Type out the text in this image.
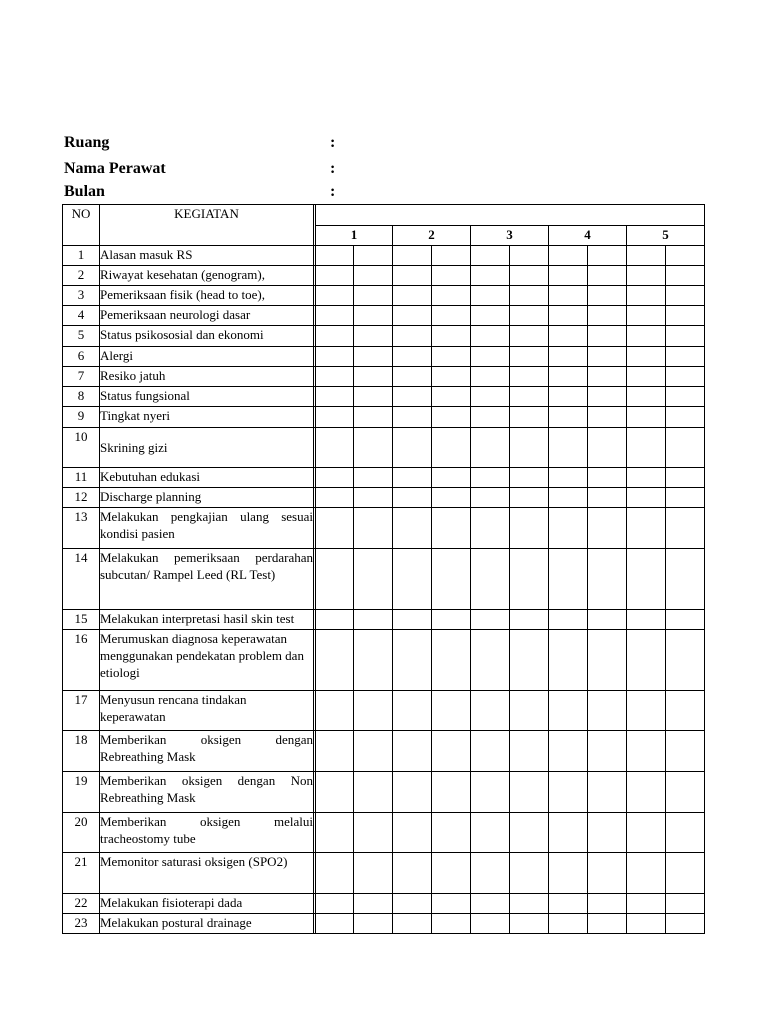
Ruang	:
Nama Perawat	:
Bulan	:
NO	KEGIATAN											
			1		2		3		4		5	
1	Alasan masuk RS											
2	Riwayat kesehatan (genogram),											
3	Pemeriksaan fisik (head to toe),											
4	Pemeriksaan neurologi dasar											
5	Status psikososial dan ekonomi											
6	Alergi											
7	Resiko jatuh											
8	Status fungsional											
9	Tingkat nyeri											
10	Skrining gizi											
11	Kebutuhan edukasi											
12	Discharge planning											
13	Melakukan pengkajian ulang sesuai kondisi pasien											
14	Melakukan pemeriksaan perdarahan subcutan/ Rampel Leed (RL Test)											
15	Melakukan interpretasi hasil skin test											
16	Merumuskan diagnosa keperawatan menggunakan pendekatan problem dan etiologi											
17	Menyusun rencana tindakan keperawatan											
18	Memberikan oksigen dengan Rebreathing Mask											
19	Memberikan oksigen dengan Non Rebreathing Mask											
20	Memberikan oksigen melalui tracheostomy tube											
21	Memonitor saturasi oksigen (SPO2)											
22	Melakukan fisioterapi dada											
23	Melakukan postural drainage											
